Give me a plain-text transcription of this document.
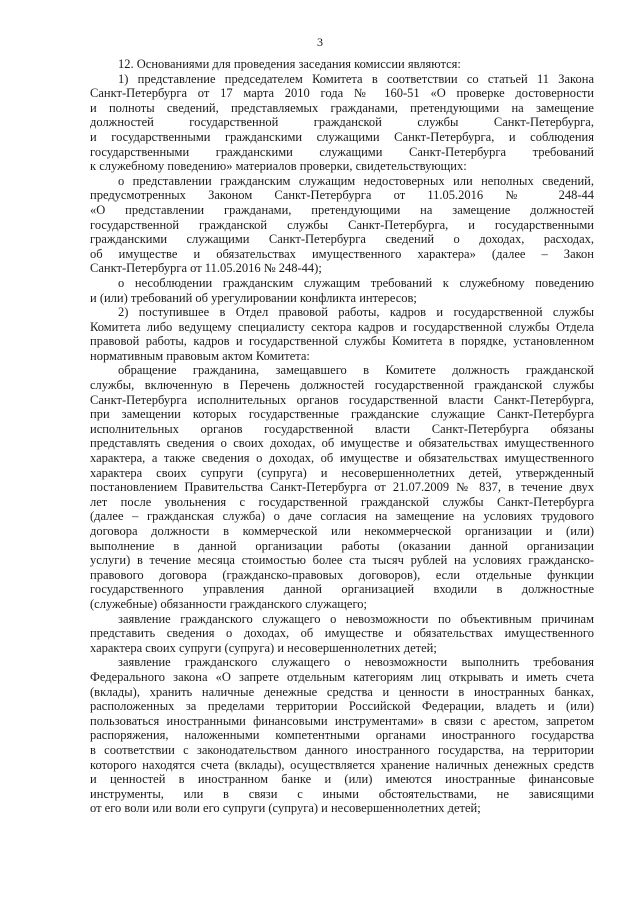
3
12. Основаниями для проведения заседания комиссии являются:
1) представление председателем Комитета в соответствии со статьей 11 Закона
Санкт-Петербурга от 17 марта 2010 года № 160-51 «О проверке достоверности
и полноты сведений, представляемых гражданами, претендующими на замещение
должностей государственной гражданской службы Санкт-Петербурга,
и государственными гражданскими служащими Санкт-Петербурга, и соблюдения
государственными гражданскими служащими Санкт-Петербурга требований
к служебному поведению» материалов проверки, свидетельствующих:
о представлении гражданским служащим недостоверных или неполных сведений,
предусмотренных Законом Санкт-Петербурга от 11.05.2016 № 248-44
«О представлении гражданами, претендующими на замещение должностей
государственной гражданской службы Санкт-Петербурга, и государственными
гражданскими служащими Санкт-Петербурга сведений о доходах, расходах,
об имуществе и обязательствах имущественного характера» (далее – Закон
Санкт-Петербурга от 11.05.2016 № 248-44);
о несоблюдении гражданским служащим требований к служебному поведению
и (или) требований об урегулировании конфликта интересов;
2) поступившее в Отдел правовой работы, кадров и государственной службы
Комитета либо ведущему специалисту сектора кадров и государственной службы Отдела
правовой работы, кадров и государственной службы Комитета в порядке, установленном
нормативным правовым актом Комитета:
обращение гражданина, замещавшего в Комитете должность гражданской
службы, включенную в Перечень должностей государственной гражданской службы
Санкт-Петербурга исполнительных органов государственной власти Санкт-Петербурга,
при замещении которых государственные гражданские служащие Санкт-Петербурга
исполнительных органов государственной власти Санкт-Петербурга обязаны
представлять сведения о своих доходах, об имуществе и обязательствах имущественного
характера, а также сведения о доходах, об имуществе и обязательствах имущественного
характера своих супруги (супруга) и несовершеннолетних детей, утвержденный
постановлением Правительства Санкт-Петербурга от 21.07.2009 № 837, в течение двух
лет после увольнения с государственной гражданской службы Санкт-Петербурга
(далее – гражданская служба) о даче согласия на замещение на условиях трудового
договора должности в коммерческой или некоммерческой организации и (или)
выполнение в данной организации работы (оказании данной организации
услуги) в течение месяца стоимостью более ста тысяч рублей на условиях гражданско-
правового договора (гражданско-правовых договоров), если отдельные функции
государственного управления данной организацией входили в должностные
(служебные) обязанности гражданского служащего;
заявление гражданского служащего о невозможности по объективным причинам
представить сведения о доходах, об имуществе и обязательствах имущественного
характера своих супруги (супруга) и несовершеннолетних детей;
заявление гражданского служащего о невозможности выполнить требования
Федерального закона «О запрете отдельным категориям лиц открывать и иметь счета
(вклады), хранить наличные денежные средства и ценности в иностранных банках,
расположенных за пределами территории Российской Федерации, владеть и (или)
пользоваться иностранными финансовыми инструментами» в связи с арестом, запретом
распоряжения, наложенными компетентными органами иностранного государства
в соответствии с законодательством данного иностранного государства, на территории
которого находятся счета (вклады), осуществляется хранение наличных денежных средств
и ценностей в иностранном банке и (или) имеются иностранные финансовые
инструменты, или в связи с иными обстоятельствами, не зависящими
от его воли или воли его супруги (супруга) и несовершеннолетних детей;
